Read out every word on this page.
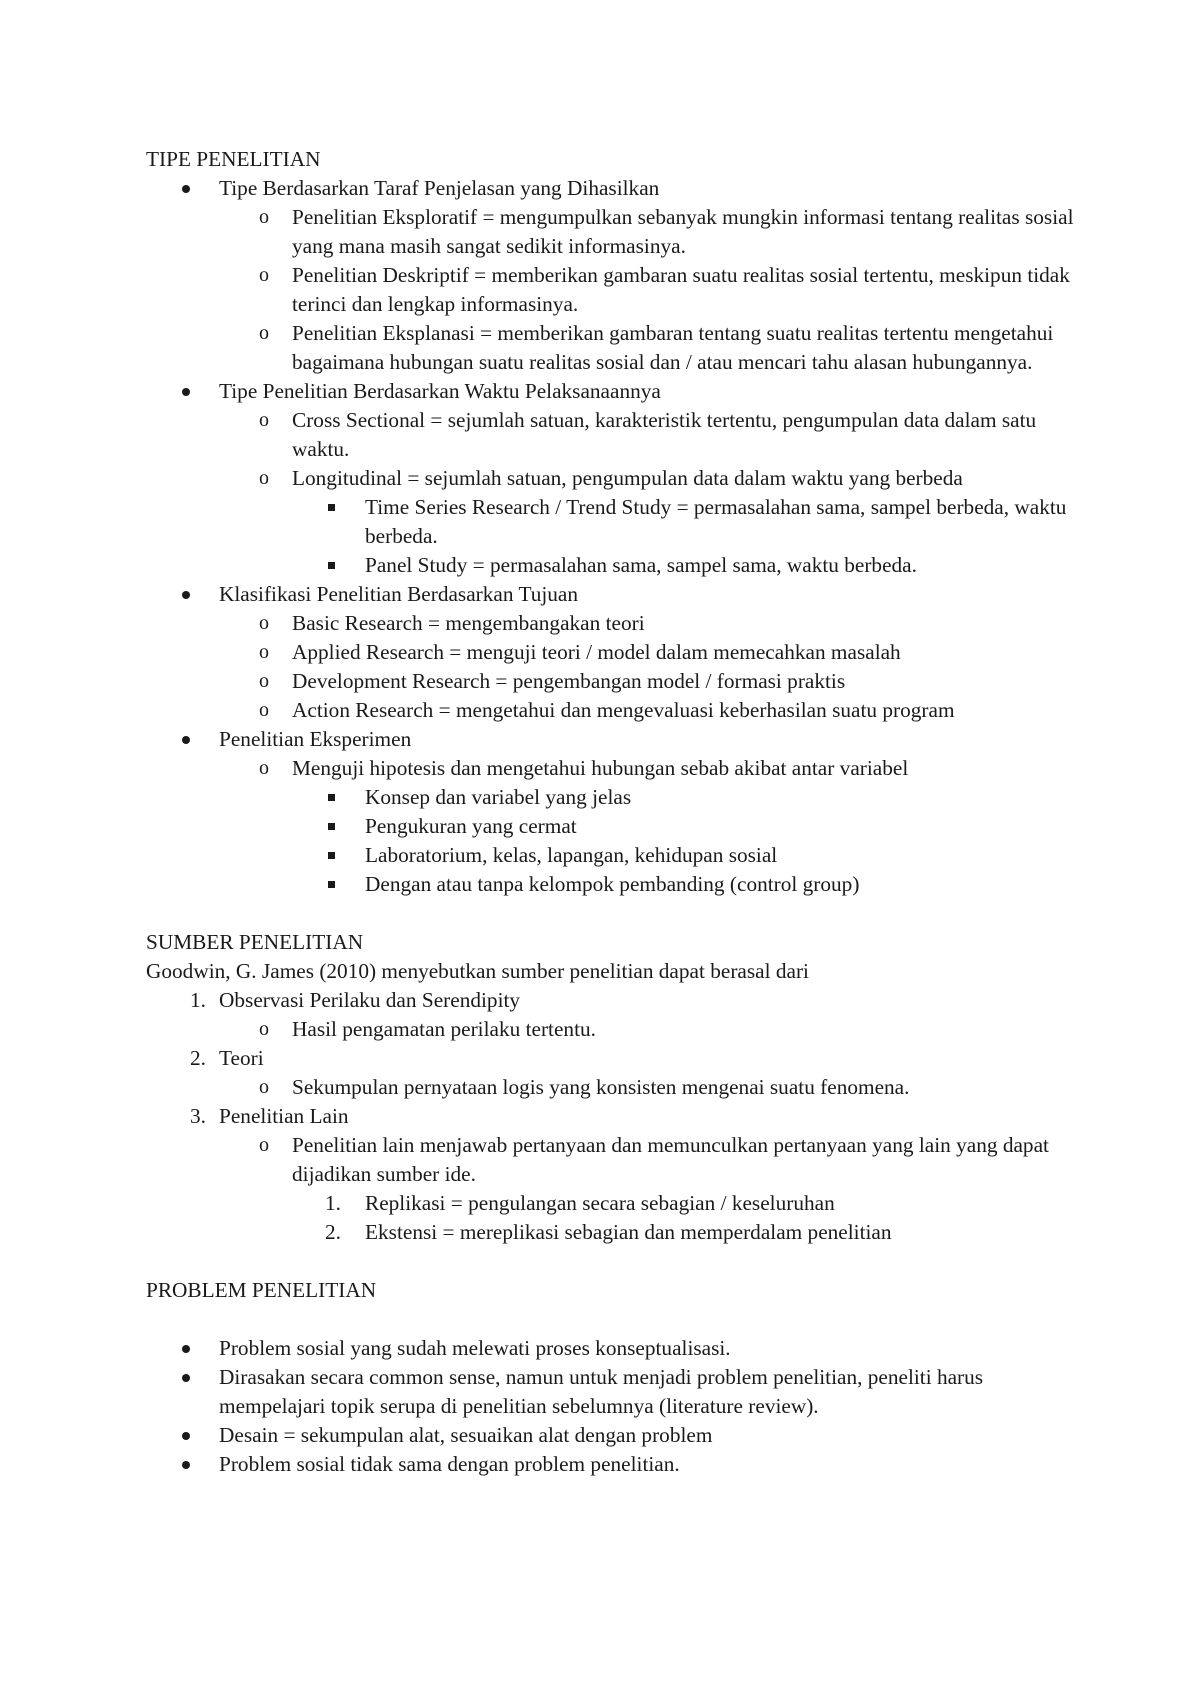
TIPE PENELITIAN
Tipe Berdasarkan Taraf Penjelasan yang Dihasilkan
o Penelitian Eksploratif = mengumpulkan sebanyak mungkin informasi tentang realitas sosial yang mana masih sangat sedikit informasinya.
o Penelitian Deskriptif = memberikan gambaran suatu realitas sosial tertentu, meskipun tidak terinci dan lengkap informasinya.
o Penelitian Eksplanasi = memberikan gambaran tentang suatu realitas tertentu mengetahui bagaimana hubungan suatu realitas sosial dan / atau mencari tahu alasan hubungannya.
Tipe Penelitian Berdasarkan Waktu Pelaksanaannya
o Cross Sectional = sejumlah satuan, karakteristik tertentu, pengumpulan data dalam satu waktu.
o Longitudinal = sejumlah satuan, pengumpulan data dalam waktu yang berbeda
Time Series Research / Trend Study = permasalahan sama, sampel berbeda, waktu berbeda.
Panel Study = permasalahan sama, sampel sama, waktu berbeda.
Klasifikasi Penelitian Berdasarkan Tujuan
o Basic Research = mengembangakan teori
o Applied Research = menguji teori / model dalam memecahkan masalah
o Development Research = pengembangan model / formasi praktis
o Action Research = mengetahui dan mengevaluasi keberhasilan suatu program
Penelitian Eksperimen
o Menguji hipotesis dan mengetahui hubungan sebab akibat antar variabel
Konsep dan variabel yang jelas
Pengukuran yang cermat
Laboratorium, kelas, lapangan, kehidupan sosial
Dengan atau tanpa kelompok pembanding (control group)
SUMBER PENELITIAN
Goodwin, G. James (2010) menyebutkan sumber penelitian dapat berasal dari
1. Observasi Perilaku dan Serendipity
o Hasil pengamatan perilaku tertentu.
2. Teori
o Sekumpulan pernyataan logis yang konsisten mengenai suatu fenomena.
3. Penelitian Lain
o Penelitian lain menjawab pertanyaan dan memunculkan pertanyaan yang lain yang dapat dijadikan sumber ide.
1. Replikasi = pengulangan secara sebagian / keseluruhan
2. Ekstensi = mereplikasi sebagian dan memperdalam penelitian
PROBLEM PENELITIAN
Problem sosial yang sudah melewati proses konseptualisasi.
Dirasakan secara common sense, namun untuk menjadi problem penelitian, peneliti harus mempelajari topik serupa di penelitian sebelumnya (literature review).
Desain = sekumpulan alat, sesuaikan alat dengan problem
Problem sosial tidak sama dengan problem penelitian.
